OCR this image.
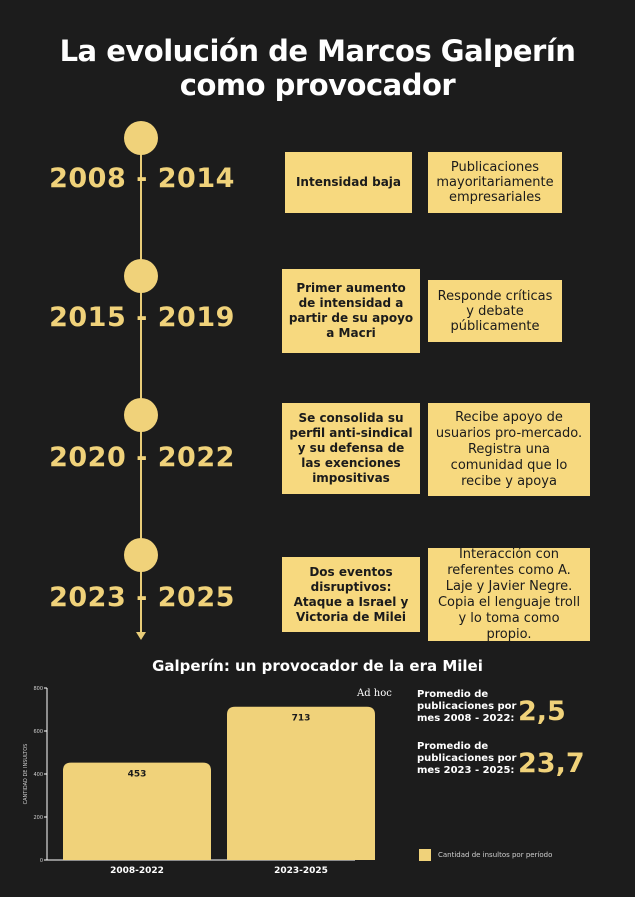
La evolución de Marcos Galperín
como provocador
2008 - 2014	Intensidad baja
Publicaciones mayoritariamente empresariales
2015 - 2019
Primer aumento de intensidad a partir de su apoyo a Macri
Responde críticas y debate públicamente
2020 - 2022
Se consolida su perfil anti-sindical y su defensa de las exenciones impositivas
Recibe apoyo de usuarios pro-mercado. Registra una comunidad que lo recibe y apoya
2023 - 2025
Dos eventos disruptivos: Ataque a Israel y Victoria de Milei
Interacción con referentes como A. Laje y Javier Negre. Copia el lenguaje troll y lo toma como propio.
Galperín: un provocador de la era Milei
Ad hoc
0
200
400
600
800
CANTIDAD DE INSULTOS	453
2008-2022
713
2023-2025
Promedio de
publicaciones por
mes 2008 - 2022: 2,5
Promedio de
publicaciones por
mes 2023 - 2025: 23,7
Cantidad de insultos por período
